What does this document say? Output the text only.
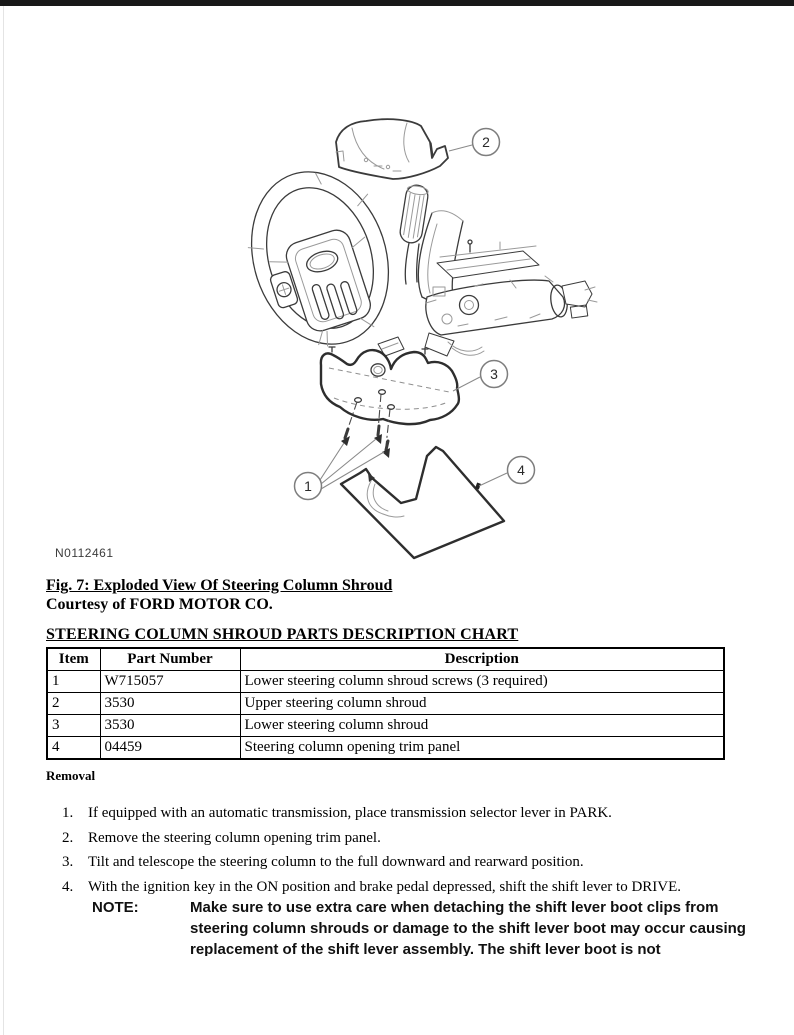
2
3
1
4
N0112461
Fig. 7: Exploded View Of Steering Column Shroud
Courtesy of FORD MOTOR CO.
STEERING COLUMN SHROUD PARTS DESCRIPTION CHART
Item	Part Number	Description
1	W715057	Lower steering column shroud screws (3 required)
2	3530	Upper steering column shroud
3	3530	Lower steering column shroud
4	04459	Steering column opening trim panel
Removal
1. If equipped with an automatic transmission, place transmission selector lever in PARK.
2. Remove the steering column opening trim panel.
3. Tilt and telescope the steering column to the full downward and rearward position.
4. With the ignition key in the ON position and brake pedal depressed, shift the shift lever to DRIVE.
NOTE:	Make sure to use extra care when detaching the shift lever boot clips from steering column shrouds or damage to the shift lever boot may occur causing replacement of the shift lever assembly. The shift lever boot is not
